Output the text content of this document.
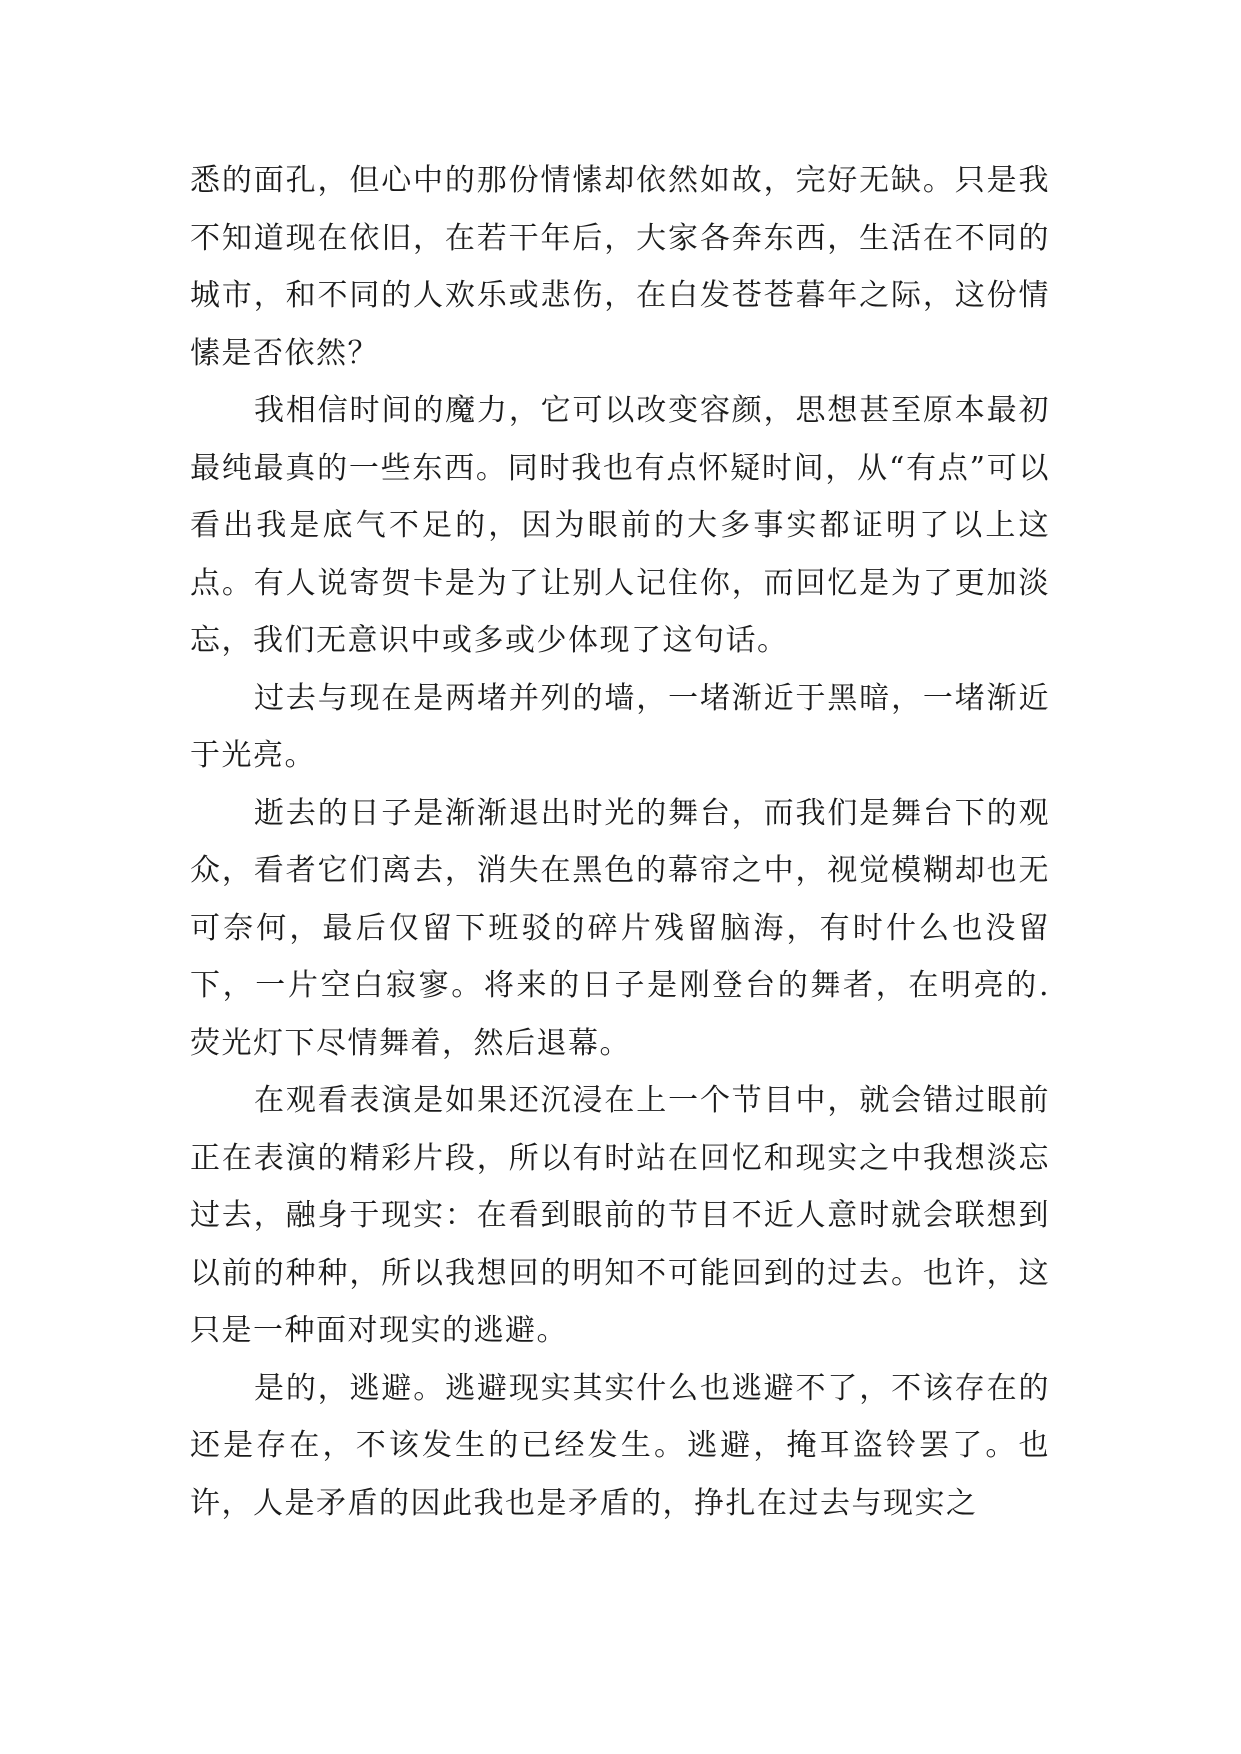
悉的面孔，但心中的那份情愫却依然如故，完好无缺。只是我不知道现在依旧，在若干年后，大家各奔东西，生活在不同的城市，和不同的人欢乐或悲伤，在白发苍苍暮年之际，这份情愫是否依然？

我相信时间的魔力，它可以改变容颜，思想甚至原本最初最纯最真的一些东西。同时我也有点怀疑时间，从“有点”可以看出我是底气不足的，因为眼前的大多事实都证明了以上这点。有人说寄贺卡是为了让别人记住你，而回忆是为了更加淡忘，我们无意识中或多或少体现了这句话。

过去与现在是两堵并列的墙，一堵渐近于黑暗，一堵渐近于光亮。

逝去的日子是渐渐退出时光的舞台，而我们是舞台下的观众，看者它们离去，消失在黑色的幕帘之中，视觉模糊却也无可奈何，最后仅留下班驳的碎片残留脑海，有时什么也没留下，一片空白寂寥。将来的日子是刚登台的舞者，在明亮的.荧光灯下尽情舞着，然后退幕。

在观看表演是如果还沉浸在上一个节目中，就会错过眼前正在表演的精彩片段，所以有时站在回忆和现实之中我想淡忘过去，融身于现实：在看到眼前的节目不近人意时就会联想到以前的种种，所以我想回的明知不可能回到的过去。也许，这只是一种面对现实的逃避。

是的，逃避。逃避现实其实什么也逃避不了，不该存在的还是存在，不该发生的已经发生。逃避，掩耳盗铃罢了。也许，人是矛盾的因此我也是矛盾的，挣扎在过去与现实之
